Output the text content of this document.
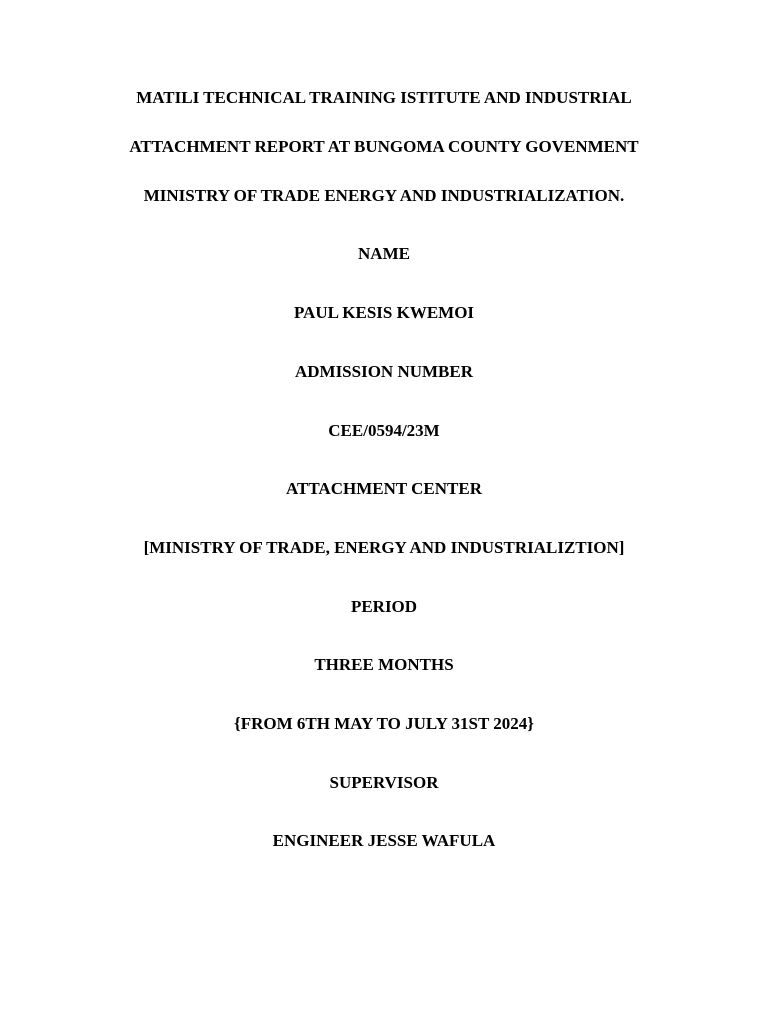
MATILI TECHNICAL TRAINING ISTITUTE AND INDUSTRIAL
ATTACHMENT REPORT AT BUNGOMA COUNTY GOVENMENT
MINISTRY OF TRADE ENERGY AND INDUSTRIALIZATION.
NAME
PAUL KESIS KWEMOI
ADMISSION NUMBER
CEE/0594/23M
ATTACHMENT CENTER
[MINISTRY OF TRADE, ENERGY AND INDUSTRIALIZTION]
PERIOD
THREE MONTHS
{FROM 6TH MAY TO JULY 31ST 2024}
SUPERVISOR
ENGINEER JESSE WAFULA
